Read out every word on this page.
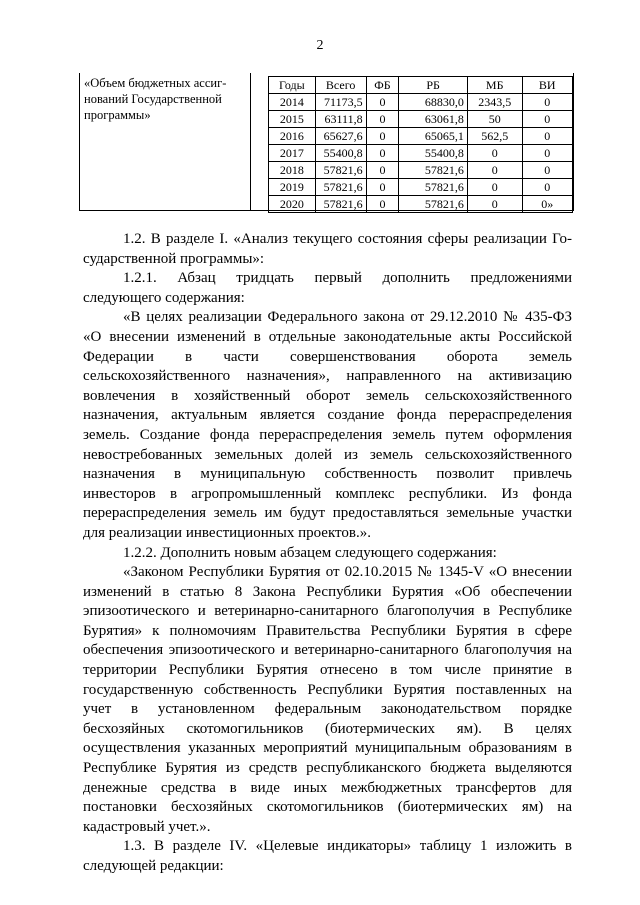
2
«Объем бюджетных ассиг-
нований Государственной
программы»
Годы	Всего	ФБ	РБ	МБ	ВИ
2014	71173,5	0	68830,0	2343,5	0
2015	63111,8	0	63061,8	50	0
2016	65627,6	0	65065,1	562,5	0
2017	55400,8	0	55400,8	0	0
2018	57821,6	0	57821,6	0	0
2019	57821,6	0	57821,6	0	0
2020	57821,6	0	57821,6	0	0»

1.2. В разделе I. «Анализ текущего состояния сферы реализации Го-

сударственной программы»:

1.2.1. Абзац тридцать первый дополнить предложениями

следующего содержания:

«В целях реализации Федерального закона от 29.12.2010 № 435-ФЗ

«О внесении изменений в отдельные законодательные акты Российской

Федерации в части совершенствования оборота земель

сельскохозяйственного назначения», направленного на активизацию

вовлечения в хозяйственный оборот земель сельскохозяйственного

назначения, актуальным является создание фонда перераспределения

земель. Создание фонда перераспределения земель путем оформления

невостребованных земельных долей из земель сельскохозяйственного

назначения в муниципальную собственность позволит привлечь

инвесторов в агропромышленный комплекс республики. Из фонда

перераспределения земель им будут предоставляться земельные участки

для реализации инвестиционных проектов.».

1.2.2. Дополнить новым абзацем следующего содержания:

«Законом Республики Бурятия от 02.10.2015 № 1345-V «О внесении

изменений в статью 8 Закона Республики Бурятия «Об обеспечении

эпизоотического и ветеринарно-санитарного благополучия в Республике

Бурятия» к полномочиям Правительства Республики Бурятия в сфере

обеспечения эпизоотического и ветеринарно-санитарного благополучия на

территории Республики Бурятия отнесено в том числе принятие в

государственную собственность Республики Бурятия поставленных на

учет в установленном федеральным законодательством порядке

бесхозяйных скотомогильников (биотермических ям). В целях

осуществления указанных мероприятий муниципальным образованиям в

Республике Бурятия из средств республиканского бюджета выделяются

денежные средства в виде иных межбюджетных трансфертов для

постановки бесхозяйных скотомогильников (биотермических ям) на

кадастровый учет.».

1.3. В разделе IV. «Целевые индикаторы» таблицу 1 изложить в

следующей редакции:
